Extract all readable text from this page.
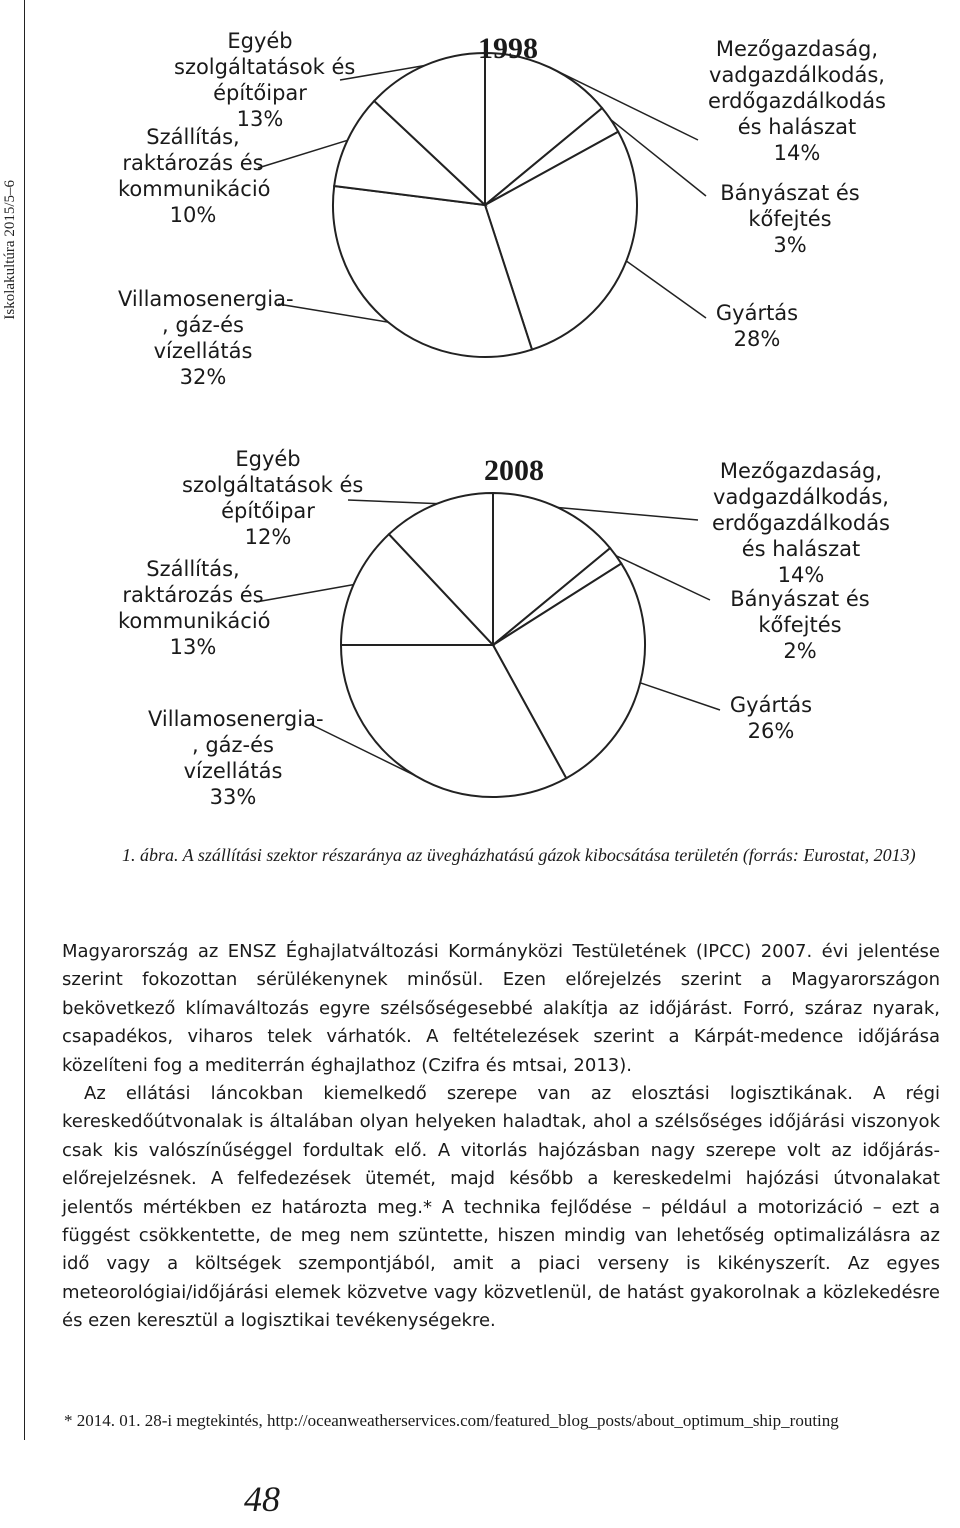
Iskolakultúra 2015/5–6
1998	Mezőgazdaság,
vadgazdálkodás,
erdőgazdálkodás
és halászat
14%
Bányászat és
kőfejtés
3%
Gyártás
28%
Villamosenergia-
, gáz-és
vízellátás
32%
Szállítás,
raktározás és
kommunikáció
10%
Egyéb
szolgáltatások és
építőipar
13%
2008	Mezőgazdaság,
vadgazdálkodás,
erdőgazdálkodás
és halászat
14%
Bányászat és
kőfejtés
2%
Gyártás
26%
Villamosenergia-
, gáz-és
vízellátás
33%
Szállítás,
raktározás és
kommunikáció
13%
Egyéb
szolgáltatások és
építőipar
12%
1. ábra. A szállítási szektor részaránya az üvegházhatású gázok kibocsátása területén (forrás: Eurostat, 2013)

Magyarország az ENSZ Éghajlatváltozási Kormányközi Testületének (IPCC) 2007. évi jelentése szerint fokozottan sérülékenynek minősül. Ezen előrejelzés szerint a Magyarországon bekövetkező klímaváltozás egyre szélsőségesebbé alakítja az időjárást. Forró, száraz nyarak, csapadékos, viharos telek várhatók. A feltételezések szerint a Kárpát-medence időjárása közelíteni fog a mediterrán éghajlathoz (Czifra és mtsai, 2013).

Az ellátási láncokban kiemelkedő szerepe van az elosztási logisztikának. A régi kereskedőútvonalak is általában olyan helyeken haladtak, ahol a szélsőséges időjárási viszonyok csak kis valószínűséggel fordultak elő. A vitorlás hajózásban nagy szerepe volt az időjárás-előrejelzésnek. A felfedezések ütemét, majd később a kereskedelmi hajózási útvonalakat jelentős mértékben ez határozta meg.* A technika fejlődése – például a motorizáció – ezt a függést csökkentette, de meg nem szüntette, hiszen mindig van lehetőség optimalizálásra az idő vagy a költségek szempontjából, amit a piaci verseny is kikényszerít. Az egyes meteorológiai/időjárási elemek közvetve vagy közvetlenül, de hatást gyakorolnak a közlekedésre és ezen keresztül a logisztikai tevékenységekre.

* 2014. 01. 28-i megtekintés, http://oceanweatherservices.com/featured_blog_posts/about_optimum_ship_routing
48
